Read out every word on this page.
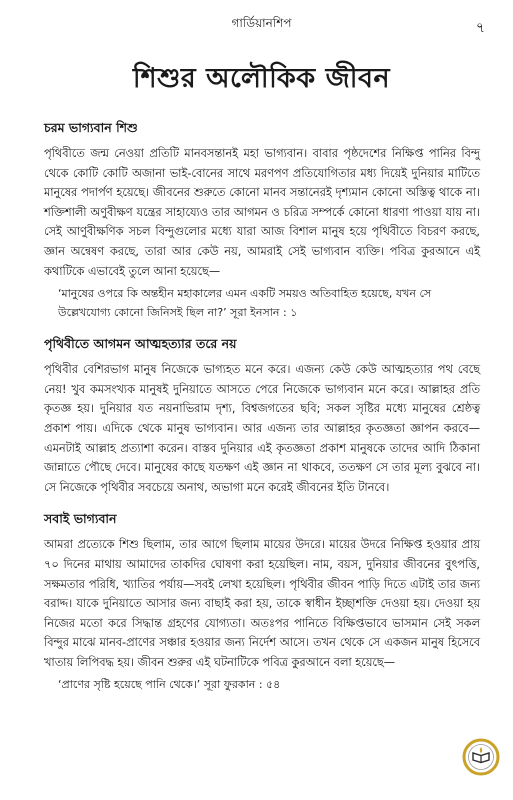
গার্ডিয়ানশিপ	৭
শিশুর অলৌকিক জীবন

চরম ভাগ্যবান শিশু

পৃথিবীতে জন্ম নেওয়া প্রতিটি মানবসন্তানই মহা ভাগ্যবান। বাবার পৃষ্ঠদেশের নিক্ষিপ্ত পানির বিন্দু থেকে কোটি কোটি অজানা ভাই-বোনের সাথে মরণপণ প্রতিযোগিতার মধ্য দিয়েই দুনিয়ার মাটিতে মানুষের পদার্পণ হয়েছে। জীবনের শুরুতে কোনো মানব সন্তানেরই দৃশ্যমান কোনো অস্তিত্ব থাকে না। শক্তিশালী অণুবীক্ষণ যন্ত্রের সাহায্যেও তার আগমন ও চরিত্র সম্পর্কে কোনো ধারণা পাওয়া যায় না। সেই আণুবীক্ষণিক সচল বিন্দুগুলোর মধ্যে যারা আজ বিশাল মানুষ হয়ে পৃথিবীতে বিচরণ করছে, জ্ঞান অন্বেষণ করছে, তারা আর কেউ নয়, আমরাই সেই ভাগ্যবান ব্যক্তি। পবিত্র কুরআনে এই কথাটিকে এভাবেই তুলে আনা হয়েছে—

‘মানুষের ওপরে কি অন্তহীন মহাকালের এমন একটি সময়ও অতিবাহিত হয়েছে, যখন সে উল্লেখযোগ্য কোনো জিনিসই ছিল না?’ সূরা ইনসান : ১

পৃথিবীতে আগমন আত্মহত্যার তরে নয়

পৃথিবীর বেশিরভাগ মানুষ নিজেকে ভাগ্যহত মনে করে। এজন্য কেউ কেউ আত্মহত্যার পথ বেছে নেয়! খুব কমসংখ্যক মানুষই দুনিয়াতে আসতে পেরে নিজেকে ভাগ্যবান মনে করে। আল্লাহর প্রতি কৃতজ্ঞ হয়। দুনিয়ার যত নয়নাভিরাম দৃশ্য, বিশ্বজগতের ছবি; সকল সৃষ্টির মধ্যে মানুষের শ্রেষ্ঠত্ব প্রকাশ পায়। এদিকে থেকে মানুষ ভাগ্যবান। আর এজন্য তার আল্লাহর কৃতজ্ঞতা জ্ঞাপন করবে—এমনটাই আল্লাহ প্রত্যাশা করেন। বাস্তব দুনিয়ার এই কৃতজ্ঞতা প্রকাশ মানুষকে তাদের আদি ঠিকানা জান্নাতে পৌছে দেবে। মানুষের কাছে যতক্ষণ এই জ্ঞান না থাকবে, ততক্ষণ সে তার মূল্য বুঝবে না। সে নিজেকে পৃথিবীর সবচেয়ে অনাথ, অভাগা মনে করেই জীবনের ইতি টানবে।

সবাই ভাগ্যবান

আমরা প্রত্যেকে শিশু ছিলাম, তার আগে ছিলাম মায়ের উদরে। মায়ের উদরে নিক্ষিপ্ত হওয়ার প্রায় ৭০ দিনের মাথায় আমাদের তাকদির ঘোষণা করা হয়েছিল। নাম, বয়স, দুনিয়ার জীবনের বুৎপত্তি, সক্ষমতার পরিধি, খ্যাতির পর্যায়—সবই লেখা হয়েছিল। পৃথিবীর জীবন পাড়ি দিতে এটাই তার জন্য বরাদ্দ। যাকে দুনিয়াতে আসার জন্য বাছাই করা হয়, তাকে স্বাধীন ইচ্ছাশক্তি দেওয়া হয়। দেওয়া হয় নিজের মতো করে সিদ্ধান্ত গ্রহণের যোগ্যতা। অতঃপর পানিতে বিক্ষিপ্তভাবে ভাসমান সেই সকল বিন্দুর মাঝে মানব-প্রাণের সঞ্চার হওয়ার জন্য নির্দেশ আসে। তখন থেকে সে একজন মানুষ হিসেবে খাতায় লিপিবদ্ধ হয়। জীবন শুরুর এই ঘটনাটিকে পবিত্র কুরআনে বলা হয়েছে—

‘প্রাণের সৃষ্টি হয়েছে পানি থেকে।’ সূরা ফুরকান : ৫৪
